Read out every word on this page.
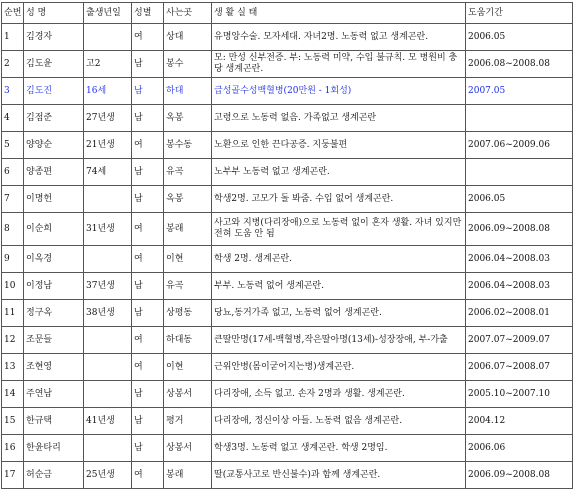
순번	성 명	출생년일	성별	사는곳	생 활 실 태	도움기간
1	김경자		여	상대	유명앙수술. 모자세대. 자녀2명. 노동력 없고 생계곤란.	2006.05
2	김도윤	고2	남	봉수	모: 만성 신부전증. 부: 노동력 미약, 수입 불규칙. 모 병원비 충당 생계곤란.	2006.08~2008.08
3	김도진	16세	남	하대	급성골수성백혈병(20만원 - 1회성)	2007.05
4	김점준	27년생	남	옥봉	고령으로 노동력 없음. 가족없고 생계곤란	
5	양양순	21년생	여	봉수동	노환으로 인한 끈다공증. 지둥불편	2007.06~2009.06
6	양종편	74세	남	유곡	노부부 노동력 없고 생계곤란.	
7	이명헌		남	옥봉	학생2명. 고모가 돌 봐줌. 수입 없어 생계곤란.	2006.05
8	이순희	31년생	여	봉래	사고와 지병(다리장애)으로 노동력 없이 혼자 생활. 자녀 있지만 전혀 도움 안 됨	2006.09~2008.08
9	이옥경		여	이현	학생 2명. 생계곤란.	2006.04~2008.03
10	이정남	37년생	남	유곡	부부. 노동력 없어 생계곤란.	2006.04~2008.03
11	정구옥	38년생	남	상평동	당뇨,동거가족 없고, 노동력 없어 생계곤란.	2006.02~2008.01
12	조문들		여	하대동	큰딸만명(17세-백혈병,작은딸아명(13세)-성장장애, 부-가출	2007.07~2009.07
13	조현영		여	이현	근위안병(몸이굳어지는병)생계곤란.	2006.07~2008.07
14	주연남		남	상봉서	다리장애, 소득 없고. 손자 2명과 생활. 생계곤란.	2005.10~2007.10
15	한규택	41년생	남	평거	다리장애, 정신이상 아들. 노동력 없음 생계곤란.	2004.12
16	한윤타리		남	상봉서	학생3명. 노동력 없고 생계곤란. 학생 2명임.	2006.06
17	허순금	25년생	여	봉래	딸(교통사고로 반신불수)과 함께 생계곤란.	2006.09~2008.08
